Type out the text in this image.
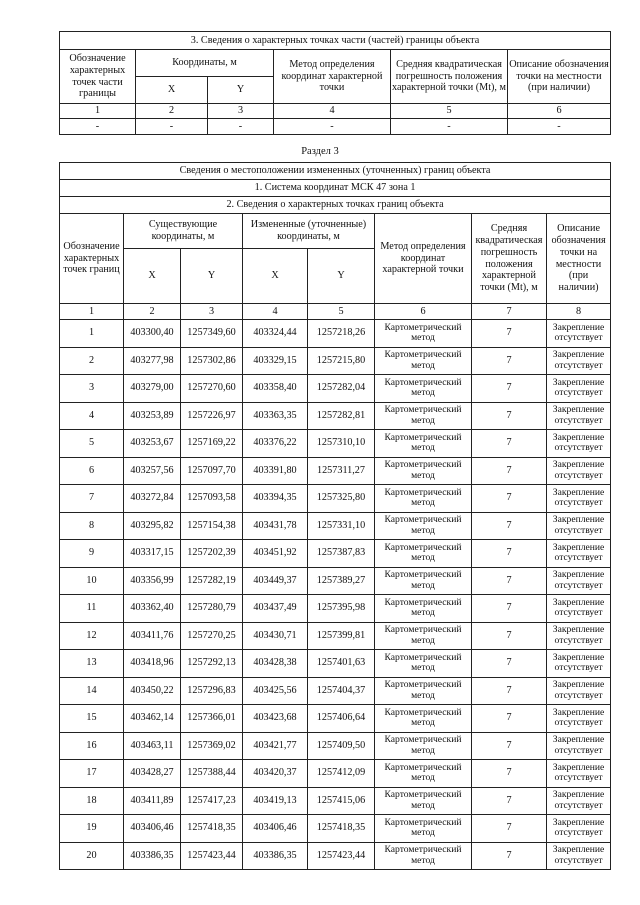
3. Сведения о характерных точках части (частей) границы объекта					
Обозначение характерных точек части границы	Координаты, м		Метод определения координат характерной точки	Средняя квадратическая погрешность положения характерной точки (Mt), м	Описание обозначения точки на местности (при наличии)
	X	Y			
1	2	3	4	5	6
-	-	-	-	-	-
Раздел 3
Сведения о местоположении измененных (уточненных) границ объекта							
1. Система координат МСК 47 зона 1							
2. Сведения о характерных точках границ объекта							
Обозначение характерных точек границ	Существующие координаты, м		Измененные (уточненные) координаты, м		Метод определения координат характерной точки	Средняя квадратическая погрешность положения характерной точки (Mt), м	Описание обозначения точки на местности (при наличии)
	X	Y	X	Y			
1	2	3	4	5	6	7	8
1	403300,40	1257349,60	403324,44	1257218,26	Картометрический метод	7	Закрепление отсутствует
2	403277,98	1257302,86	403329,15	1257215,80	Картометрический метод	7	Закрепление отсутствует
3	403279,00	1257270,60	403358,40	1257282,04	Картометрический метод	7	Закрепление отсутствует
4	403253,89	1257226,97	403363,35	1257282,81	Картометрический метод	7	Закрепление отсутствует
5	403253,67	1257169,22	403376,22	1257310,10	Картометрический метод	7	Закрепление отсутствует
6	403257,56	1257097,70	403391,80	1257311,27	Картометрический метод	7	Закрепление отсутствует
7	403272,84	1257093,58	403394,35	1257325,80	Картометрический метод	7	Закрепление отсутствует
8	403295,82	1257154,38	403431,78	1257331,10	Картометрический метод	7	Закрепление отсутствует
9	403317,15	1257202,39	403451,92	1257387,83	Картометрический метод	7	Закрепление отсутствует
10	403356,99	1257282,19	403449,37	1257389,27	Картометрический метод	7	Закрепление отсутствует
11	403362,40	1257280,79	403437,49	1257395,98	Картометрический метод	7	Закрепление отсутствует
12	403411,76	1257270,25	403430,71	1257399,81	Картометрический метод	7	Закрепление отсутствует
13	403418,96	1257292,13	403428,38	1257401,63	Картометрический метод	7	Закрепление отсутствует
14	403450,22	1257296,83	403425,56	1257404,37	Картометрический метод	7	Закрепление отсутствует
15	403462,14	1257366,01	403423,68	1257406,64	Картометрический метод	7	Закрепление отсутствует
16	403463,11	1257369,02	403421,77	1257409,50	Картометрический метод	7	Закрепление отсутствует
17	403428,27	1257388,44	403420,37	1257412,09	Картометрический метод	7	Закрепление отсутствует
18	403411,89	1257417,23	403419,13	1257415,06	Картометрический метод	7	Закрепление отсутствует
19	403406,46	1257418,35	403406,46	1257418,35	Картометрический метод	7	Закрепление отсутствует
20	403386,35	1257423,44	403386,35	1257423,44	Картометрический метод	7	Закрепление отсутствует
